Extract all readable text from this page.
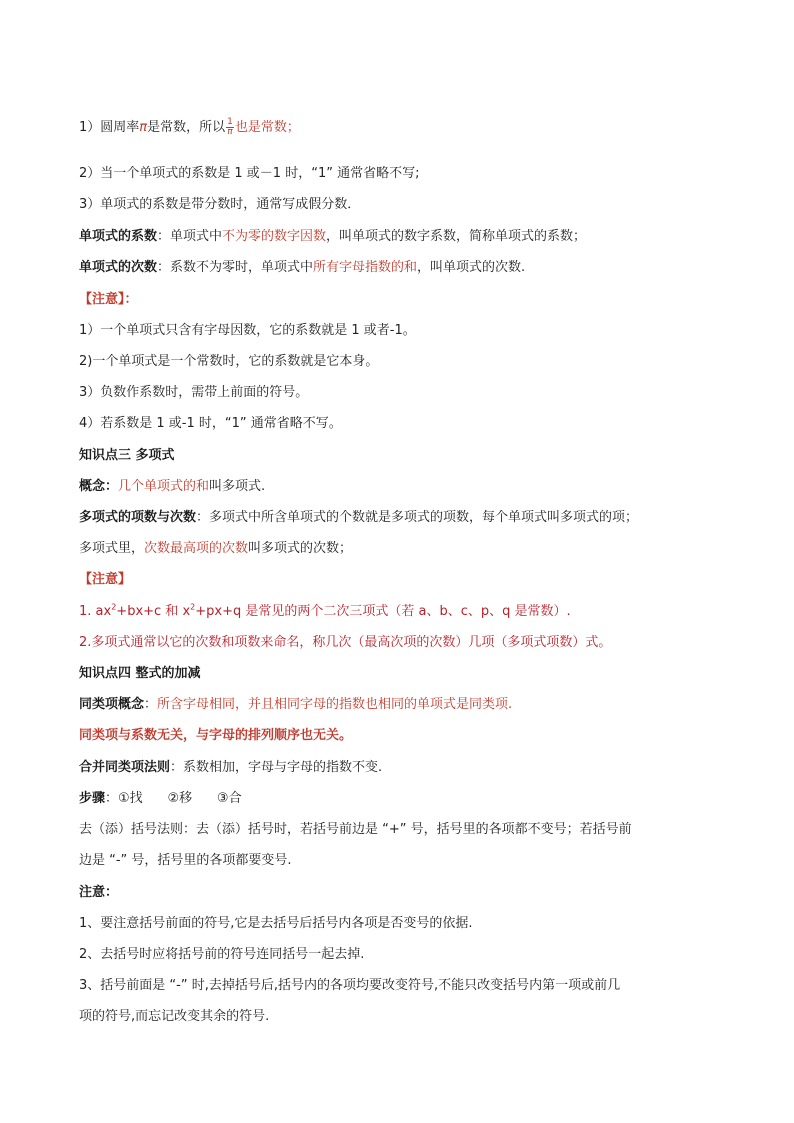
1）圆周率π是常数，所以 $\frac{1}{\pi}$ 也是常数；
2）当一个单项式的系数是 1 或－1 时，“1” 通常省略不写;
3）单项式的系数是带分数时，通常写成假分数．
单项式的系数：单项式中不为零的数字因数，叫单项式的数字系数，简称单项式的系数；
单项式的次数：系数不为零时，单项式中所有字母指数的和，叫单项式的次数.
【注意】：
1）一个单项式只含有字母因数，它的系数就是 1 或者-1。
2)一个单项式是一个常数时，它的系数就是它本身。
3）负数作系数时，需带上前面的符号。
4）若系数是 1 或-1 时，“1” 通常省略不写。
知识点三 多项式
概念：几个单项式的和叫多项式.
多项式的项数与次数：多项式中所含单项式的个数就是多项式的项数，每个单项式叫多项式的项；
多项式里，次数最高项的次数叫多项式的次数；
【注意】
1. $ax^2+bx+c$ 和 $x^2+px+q$ 是常见的两个二次三项式（若 a、b、c、p、q 是常数）.
2.多项式通常以它的次数和项数来命名，称几次（最高次项的次数）几项（多项式项数）式。
知识点四 整式的加减
同类项概念：所含字母相同，并且相同字母的指数也相同的单项式是同类项.
同类项与系数无关，与字母的排列顺序也无关。
合并同类项法则：系数相加，字母与字母的指数不变.
步骤：①找      ②移      ③合
去（添）括号法则：去（添）括号时，若括号前边是 “+” 号，括号里的各项都不变号；若括号前
边是 “-” 号，括号里的各项都要变号.
注意：
1、要注意括号前面的符号,它是去括号后括号内各项是否变号的依据.
2、去括号时应将括号前的符号连同括号一起去掉.
3、括号前面是 “-” 时,去掉括号后,括号内的各项均要改变符号,不能只改变括号内第一项或前几
项的符号,而忘记改变其余的符号.
